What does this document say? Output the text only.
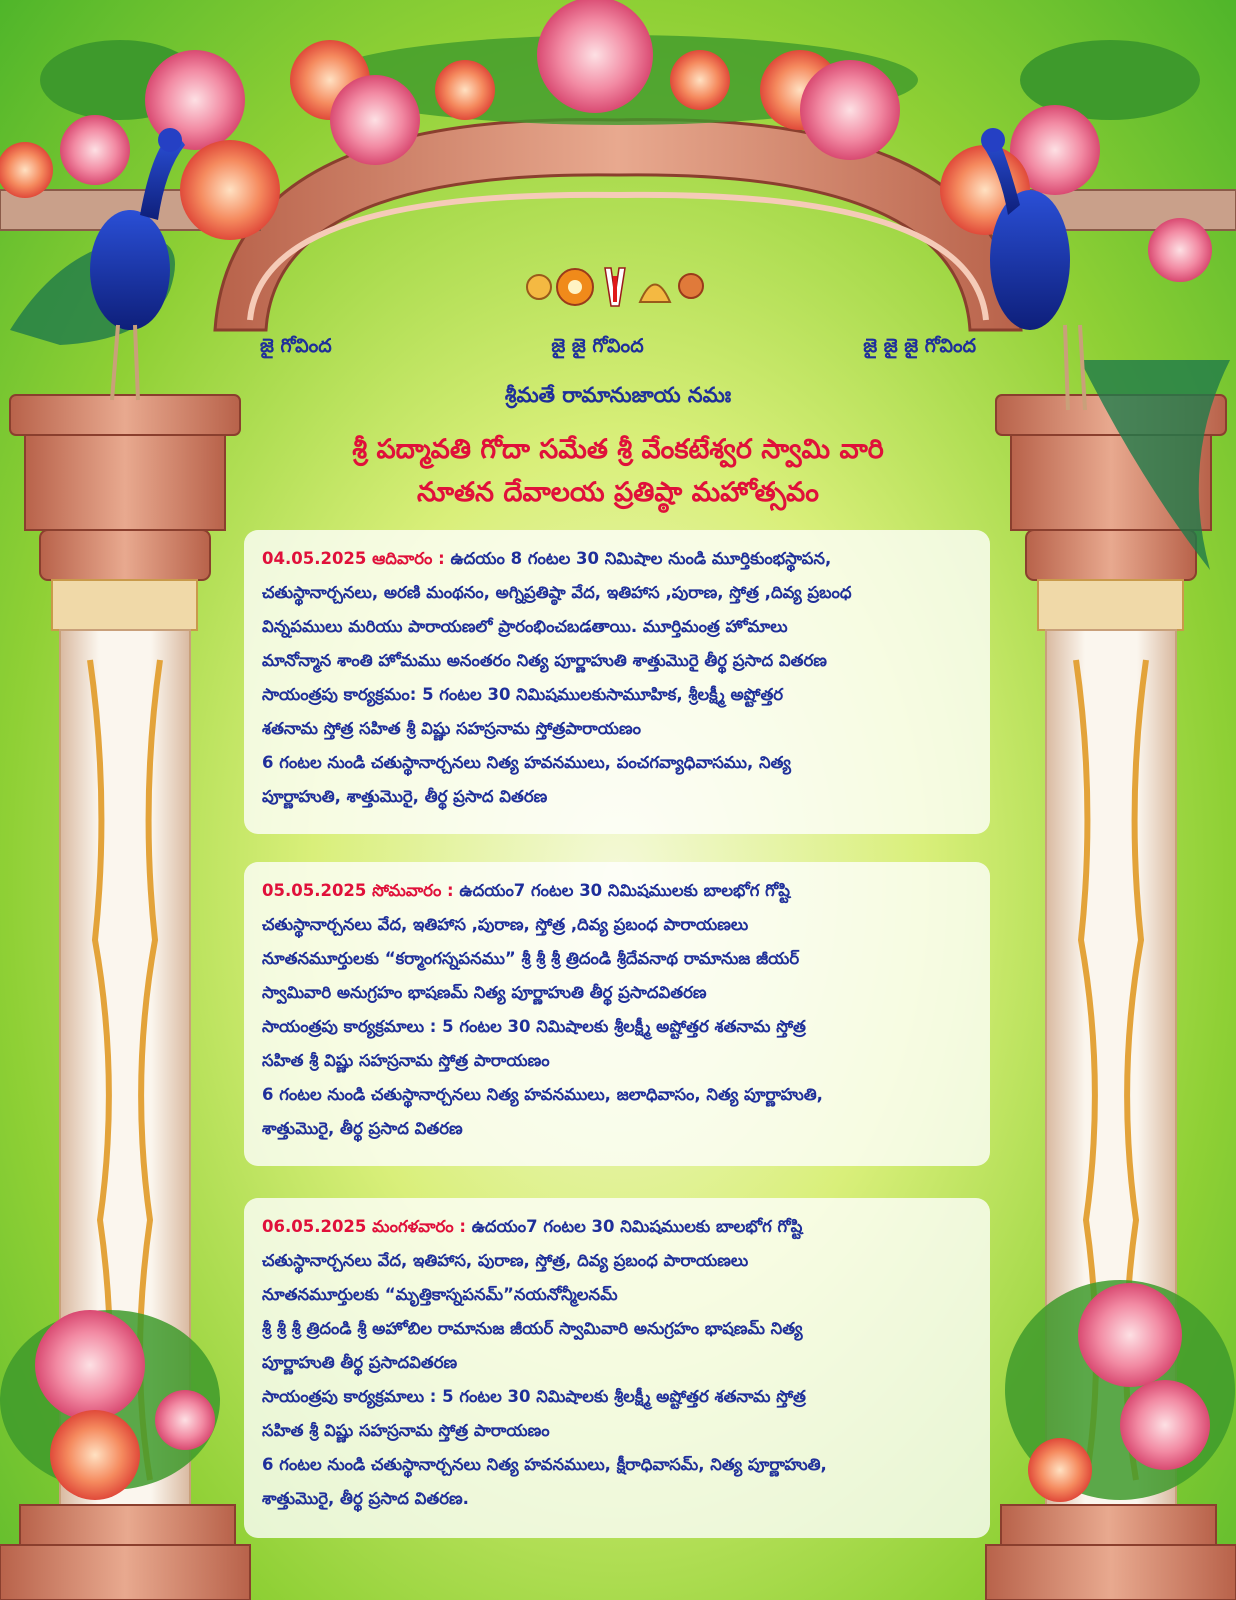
జై గోవింద	జై జై గోవింద	జై జై జై గోవింద
శ్రీమతే రామానుజాయ నమః
శ్రీ పద్మావతి గోదా సమేత శ్రీ వేంకటేశ్వర స్వామి వారి
నూతన దేవాలయ ప్రతిష్ఠా మహోత్సవం
04.05.2025 ఆదివారం : ఉదయం 8 గంటల 30 నిమిషాల నుండి మూర్తికుంభస్థాపన,
చతుస్థానార్చనలు, అరణి మంథనం, అగ్నిప్రతిష్ఠా వేద, ఇతిహాస ,పురాణ, స్తోత్ర ,దివ్య ప్రబంధ
విన్నపములు మరియు పారాయణలో ప్రారంభించబడతాయి. మూర్తిమంత్ర హోమాలు
మానోన్మాన శాంతి హోమము అనంతరం నిత్య పూర్ణాహుతి శాత్తుమొరై తీర్థ ప్రసాద వితరణ
సాయంత్రపు కార్యక్రమం: 5 గంటల 30 నిమిషములకుసామూహిక, శ్రీలక్ష్మీ అష్టోత్తర
శతనామ స్తోత్ర సహిత శ్రీ విష్ణు సహస్రనామ స్తోత్రపారాయణం
6 గంటల నుండి చతుస్థానార్చనలు నిత్య హవనములు, పంచగవ్యాధివాసము, నిత్య
పూర్ణాహుతి, శాత్తుమొరై, తీర్థ ప్రసాద వితరణ
05.05.2025 సోమవారం : ఉదయం7 గంటల 30 నిమిషములకు బాలభోగ గోష్టి
చతుస్థానార్చనలు వేద, ఇతిహాస ,పురాణ, స్తోత్ర ,దివ్య ప్రబంధ పారాయణలు
నూతనమూర్తులకు “కర్మాంగస్నపనము” శ్రీ శ్రీ శ్రీ త్రిదండి శ్రీదేవనాథ రామానుజ జీయర్
స్వామివారి అనుగ్రహం భాషణమ్ నిత్య పూర్ణాహుతి తీర్థ ప్రసాదవితరణ
సాయంత్రపు కార్యక్రమాలు : 5 గంటల 30 నిమిషాలకు శ్రీలక్ష్మీ అష్టోత్తర శతనామ స్తోత్ర
సహిత శ్రీ విష్ణు సహస్రనామ స్తోత్ర పారాయణం
6 గంటల నుండి చతుస్థానార్చనలు నిత్య హవనములు, జలాధివాసం, నిత్య పూర్ణాహుతి,
శాత్తుమొరై, తీర్థ ప్రసాద వితరణ
06.05.2025 మంగళవారం : ఉదయం7 గంటల 30 నిమిషములకు బాలభోగ గోష్టి
చతుస్థానార్చనలు వేద, ఇతిహాస, పురాణ, స్తోత్ర, దివ్య ప్రబంధ పారాయణలు
నూతనమూర్తులకు “మృత్తికాస్నపనమ్”నయనోన్మీలనమ్
శ్రీ శ్రీ శ్రీ త్రిదండి శ్రీ అహోబిల రామానుజ జీయర్ స్వామివారి అనుగ్రహం భాషణమ్ నిత్య
పూర్ణాహుతి తీర్థ ప్రసాదవితరణ
సాయంత్రపు కార్యక్రమాలు : 5 గంటల 30 నిమిషాలకు శ్రీలక్ష్మీ అష్టోత్తర శతనామ స్తోత్ర
సహిత శ్రీ విష్ణు సహస్రనామ స్తోత్ర పారాయణం
6 గంటల నుండి చతుస్థానార్చనలు నిత్య హవనములు, క్షీరాధివాసమ్, నిత్య పూర్ణాహుతి,
శాత్తుమొరై, తీర్థ ప్రసాద వితరణ.
